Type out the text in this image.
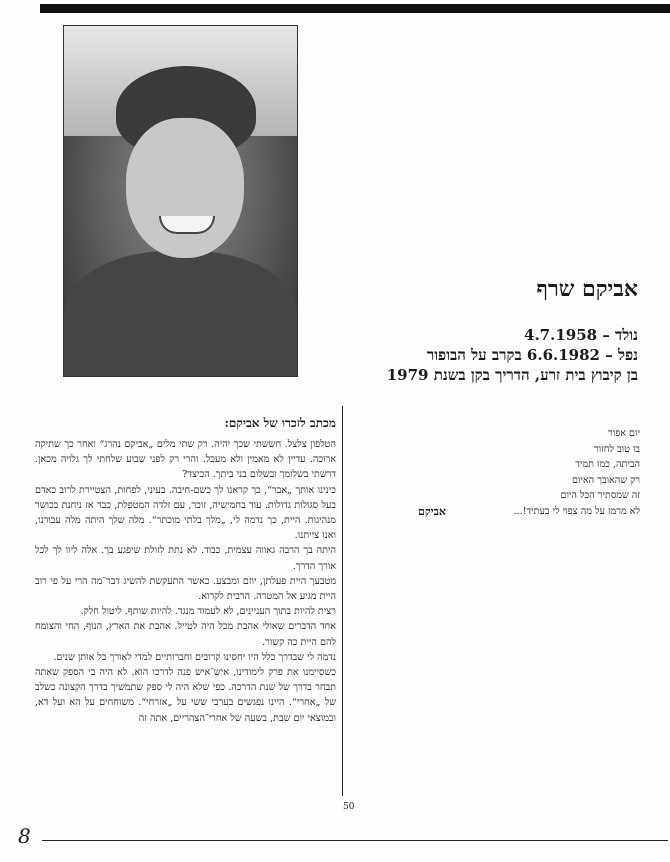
אביקם שרף
נולד – 4.7.1958
נפל – 6.6.1982 בקרב על הבופור
בן קיבוץ בית זרע, הדריך בקן בשנת 1979
מכתב לזכרו של אביקם:

הטלפון צלצל. חששתי שכך יהיה. רק שתי מלים „אביקם נהרג“ ואחר כך שתיקה ארוכה. עדיין לא מאמין ולא מעכל. והרי רק לפני שבוע שלחתי לך גלויה מכאן. דרשתי בשלומך ובשלום בני ביתך. הכיצד?

כינינו אותך „אבר“, כך קראנו לך כשם-חיבה. בעיני, לפחות, הצטיירת לרוב כאדם בעל סגולות גדולות. עוד בחמישיה, זוכר, עם זלדה המטפלת, כבר אז ניחנת בכושר מנהיגות. היית, כך נדמה לי, „מלך בלתי מוכתר“. מלה שלך היתה מלה עבורנו, ואנו צייתנו.

היתה בך הרבה גאווה עצמית, כבוד. לא נתת לזולת שיפגע בך. אלה ליוו לך לכל אורך הדרך.

מטבעך היית פעלתן, יוזם ומבצע. כאשר התעקשת להשיג דבר־מה הרי על פי רוב היית מגיע אל המטרה. הרבית לקרוא.

רצית להיות בתוך העניינים, לא לעמוד מנגד. להיות שותף. ליטול חלק.

אחד הדברים שאולי אהבת מכל היה לטייל. אהבת את הארץ, הנוף, החי והצומח להם היית כה קשור.

נדמה לי שבדרך כלל היו יחסינו קרובים וחברותיים למדי לאורך כל אותן שנים.

כשסיימנו את פרק לימודינו, איש־איש פנה לדרכו הוא. לא היה בי הספק שאתה תבחר בדרך של שנת הדרכה. כפי שלא היה לי ספק שתמשיך בדרך הקצונה כשלב של „אחרי“. היינו נפגשים בערבי ששי על „אזרחי“. משוחחים על הא ועל דא, ובמוצאי יום שבת, בשעה של אחרי־הצהריים, אתה זה

יום אפור
בו טוב לחזור
הביתה, כמו תמיד
רק שהאובך האיום
זה שמסתיר הכל היום
לא מרמז על מה צפוי לי בעתיד!...
אביקם
50
8
